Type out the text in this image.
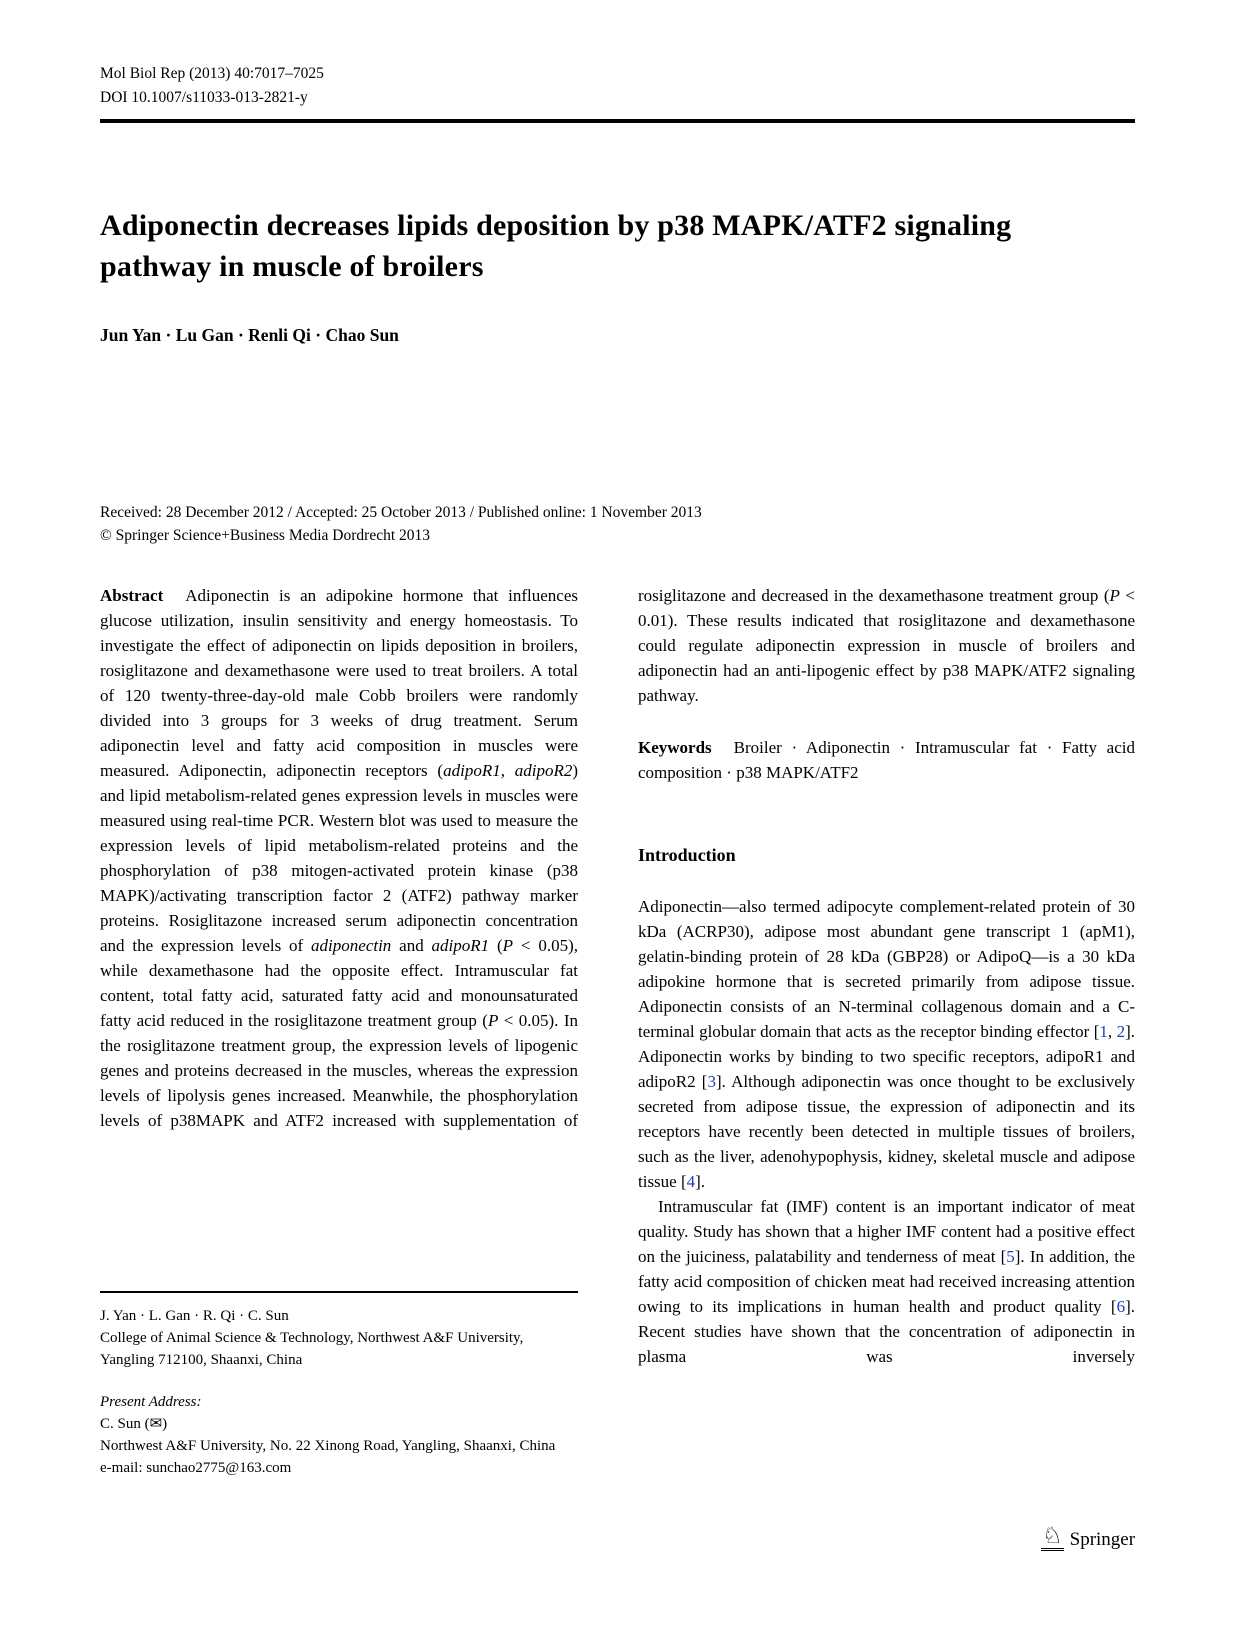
Mol Biol Rep (2013) 40:7017–7025
DOI 10.1007/s11033-013-2821-y
Adiponectin decreases lipids deposition by p38 MAPK/ATF2 signaling pathway in muscle of broilers
Jun Yan · Lu Gan · Renli Qi · Chao Sun
Received: 28 December 2012 / Accepted: 25 October 2013 / Published online: 1 November 2013
© Springer Science+Business Media Dordrecht 2013

Abstract Adiponectin is an adipokine hormone that influences glucose utilization, insulin sensitivity and energy homeostasis. To investigate the effect of adiponectin on lipids deposition in broilers, rosiglitazone and dexamethasone were used to treat broilers. A total of 120 twenty-three-day-old male Cobb broilers were randomly divided into 3 groups for 3 weeks of drug treatment. Serum adiponectin level and fatty acid composition in muscles were measured. Adiponectin, adiponectin receptors (adipoR1, adipoR2) and lipid metabolism-related genes expression levels in muscles were measured using real-time PCR. Western blot was used to measure the expression levels of lipid metabolism-related proteins and the phosphorylation of p38 mitogen-activated protein kinase (p38 MAPK)/activating transcription factor 2 (ATF2) pathway marker proteins. Rosiglitazone increased serum adiponectin concentration and the expression levels of adiponectin and adipoR1 (P < 0.05), while dexamethasone had the opposite effect. Intramuscular fat content, total fatty acid, saturated fatty acid and monounsaturated fatty acid reduced in the rosiglitazone treatment group (P < 0.05). In the rosiglitazone treatment group, the expression levels of lipogenic genes and proteins decreased in the muscles, whereas the expression levels of lipolysis genes increased. Meanwhile, the phosphorylation levels of p38MAPK and ATF2 increased with supplementation of

rosiglitazone and decreased in the dexamethasone treatment group (P < 0.01). These results indicated that rosiglitazone and dexamethasone could regulate adiponectin expression in muscle of broilers and adiponectin had an anti-lipogenic effect by p38 MAPK/ATF2 signaling pathway.

Keywords Broiler · Adiponectin · Intramuscular fat · Fatty acid composition · p38 MAPK/ATF2

Introduction

Adiponectin—also termed adipocyte complement-related protein of 30 kDa (ACRP30), adipose most abundant gene transcript 1 (apM1), gelatin-binding protein of 28 kDa (GBP28) or AdipoQ—is a 30 kDa adipokine hormone that is secreted primarily from adipose tissue. Adiponectin consists of an N-terminal collagenous domain and a C-terminal globular domain that acts as the receptor binding effector [1, 2]. Adiponectin works by binding to two specific receptors, adipoR1 and adipoR2 [3]. Although adiponectin was once thought to be exclusively secreted from adipose tissue, the expression of adiponectin and its receptors have recently been detected in multiple tissues of broilers, such as the liver, adenohypophysis, kidney, skeletal muscle and adipose tissue [4].

Intramuscular fat (IMF) content is an important indicator of meat quality. Study has shown that a higher IMF content had a positive effect on the juiciness, palatability and tenderness of meat [5]. In addition, the fatty acid composition of chicken meat had received increasing attention owing to its implications in human health and product quality [6]. Recent studies have shown that the concentration of adiponectin in plasma was inversely

J. Yan · L. Gan · R. Qi · C. Sun
College of Animal Science & Technology, Northwest A&F University, Yangling 712100, Shaanxi, China
Present Address:
C. Sun (✉)
Northwest A&F University, No. 22 Xinong Road, Yangling, Shaanxi, China
e-mail: sunchao2775@163.com
♘ Springer
